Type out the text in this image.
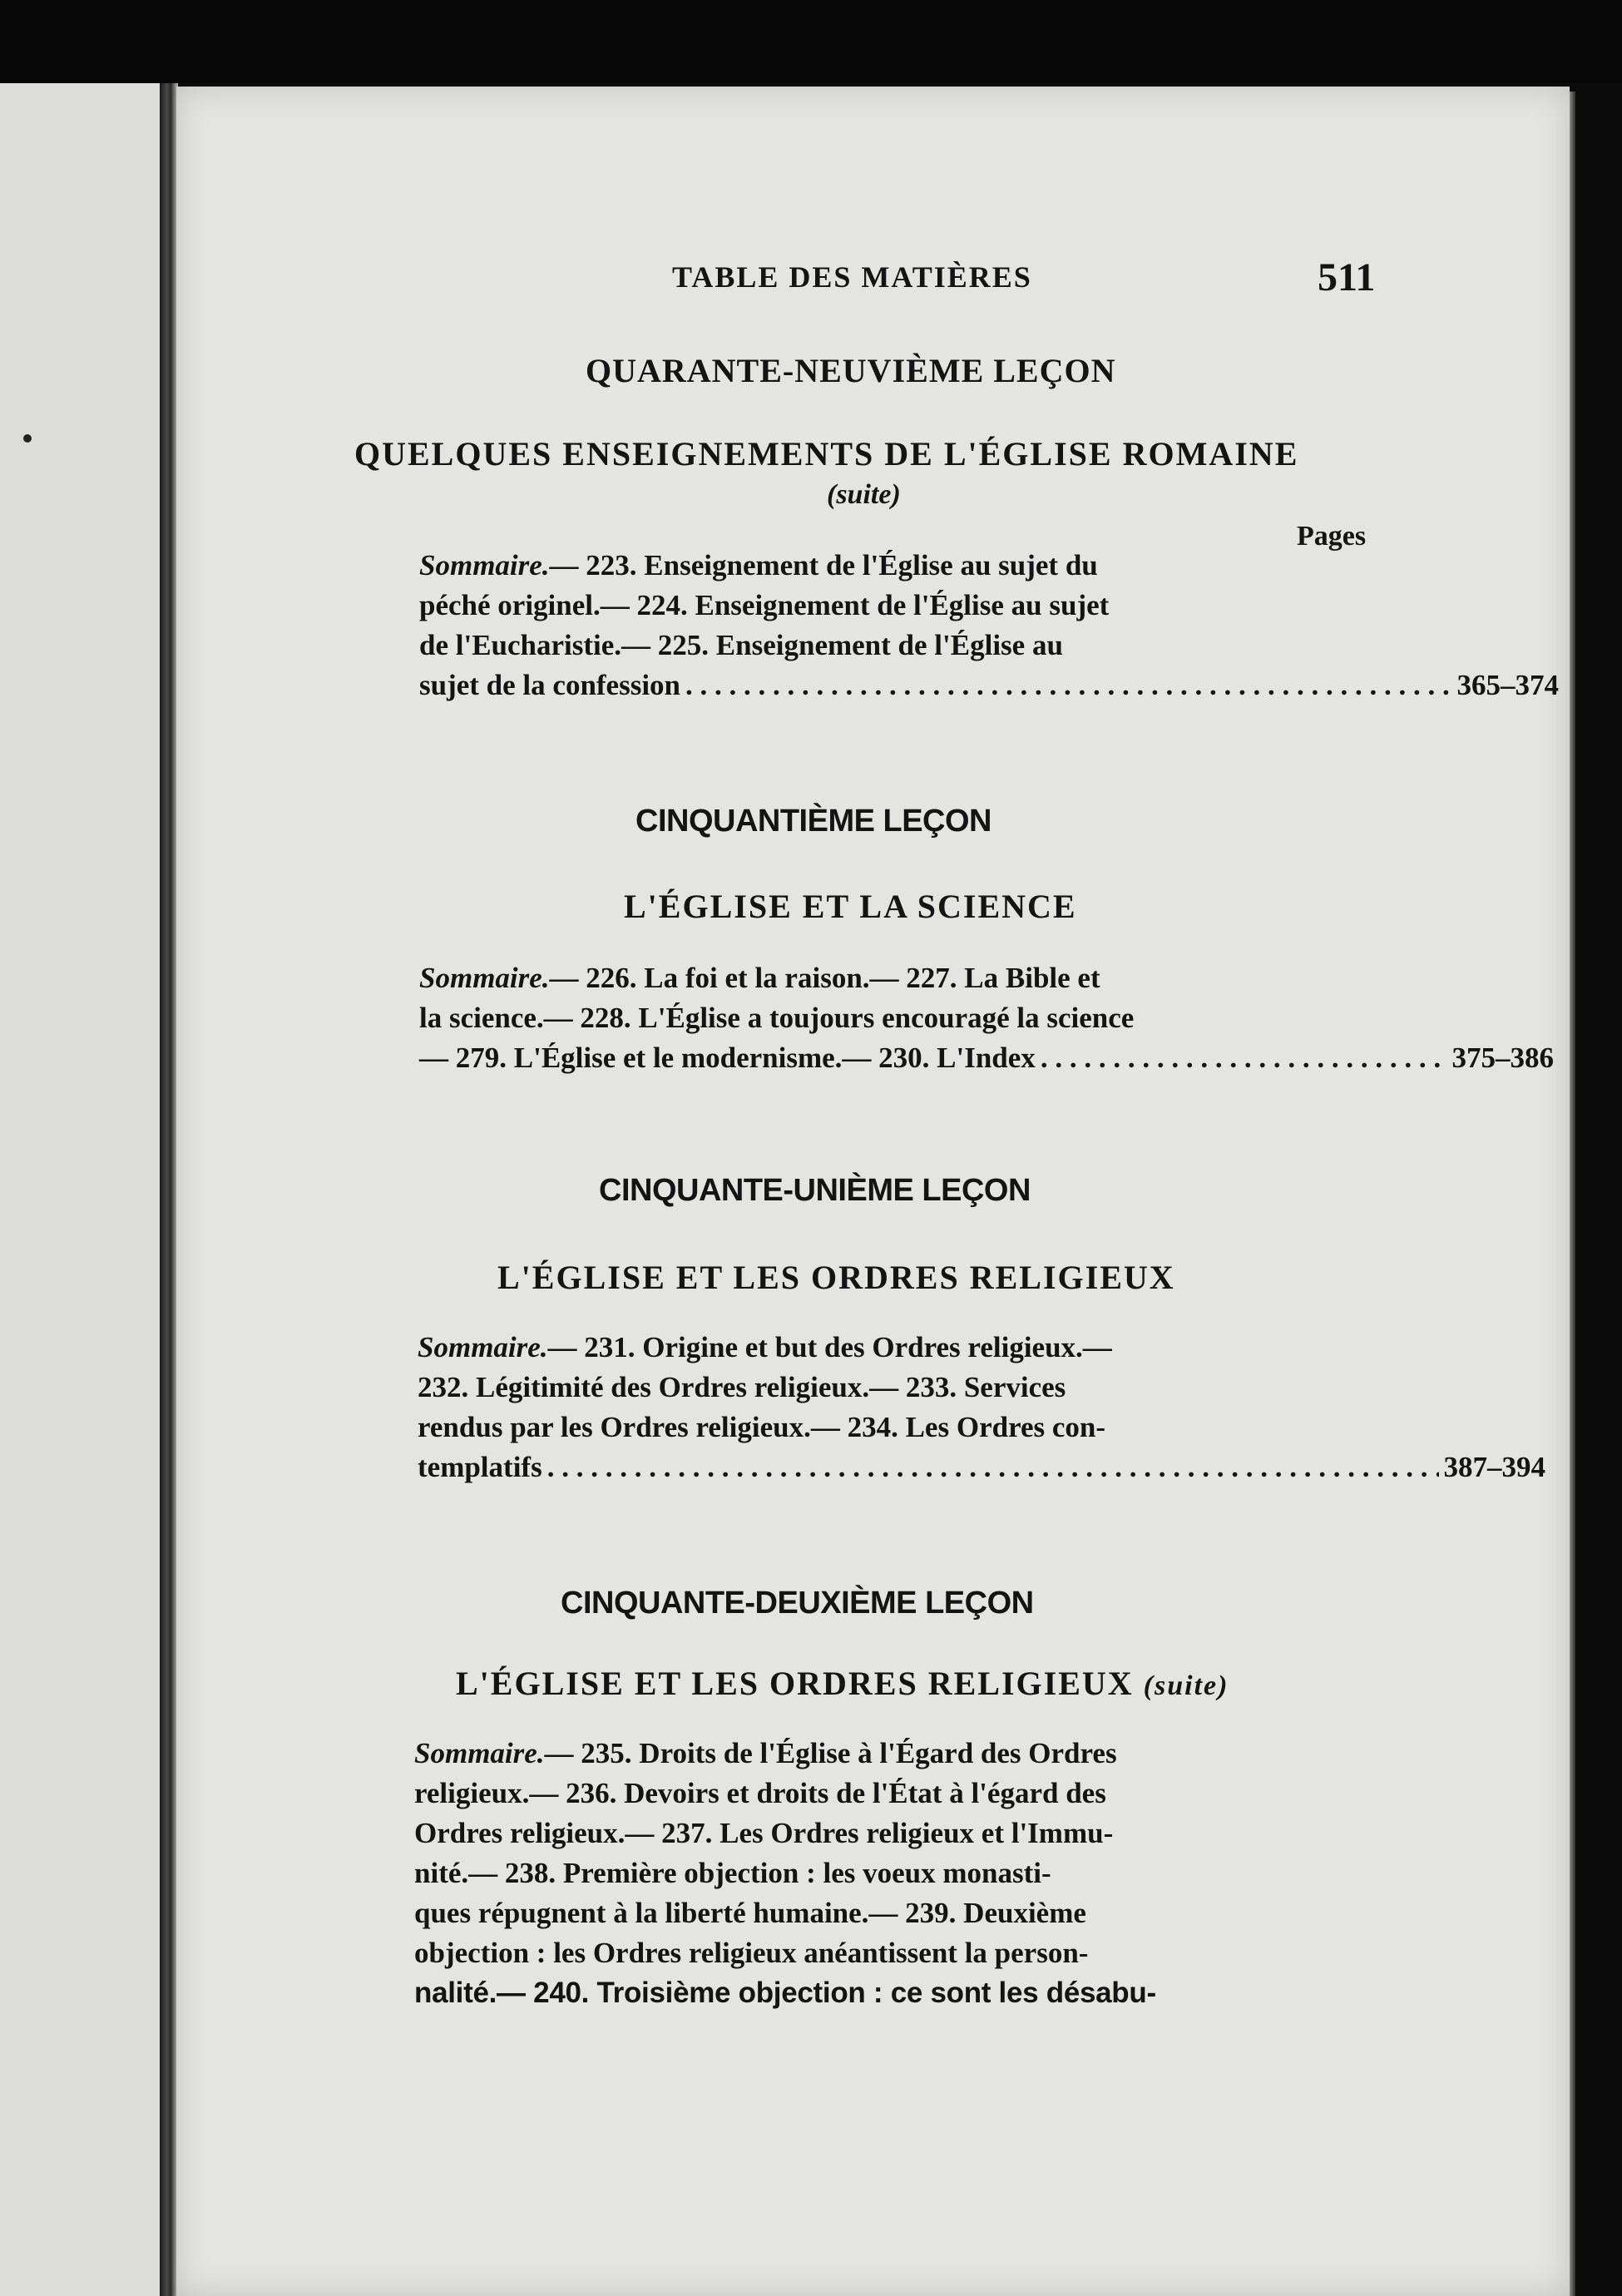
TABLE DES MATIÈRES	511
QUARANTE-NEUVIÈME LEÇON
QUELQUES ENSEIGNEMENTS DE L'ÉGLISE ROMAINE
(suite)
Pages
Sommaire.— 223. Enseignement de l'Église au sujet du
péché originel.— 224. Enseignement de l'Église au sujet
de l'Eucharistie.— 225. Enseignement de l'Église au
sujet de la confession . . .	365–374
CINQUANTIÈME LEÇON
L'ÉGLISE ET LA SCIENCE
Sommaire.— 226. La foi et la raison.— 227. La Bible et
la science.— 228. L'Église a toujours encouragé la science
— 279. L'Église et le modernisme.— 230. L'Index . . .	375–386
CINQUANTE-UNIÈME LEÇON
L'ÉGLISE ET LES ORDRES RELIGIEUX
Sommaire.— 231. Origine et but des Ordres religieux.—
232. Légitimité des Ordres religieux.— 233. Services
rendus par les Ordres religieux.— 234. Les Ordres con-
templatifs . . .	387–394
CINQUANTE-DEUXIÈME LEÇON
L'ÉGLISE ET LES ORDRES RELIGIEUX (suite)
Sommaire.— 235. Droits de l'Église à l'Égard des Ordres
religieux.— 236. Devoirs et droits de l'État à l'égard des
Ordres religieux.— 237. Les Ordres religieux et l'Immu-
nité.— 238. Première objection : les voeux monasti-
ques répugnent à la liberté humaine.— 239. Deuxième
objection : les Ordres religieux anéantissent la person-
nalité.— 240. Troisième objection : ce sont les désabu-
